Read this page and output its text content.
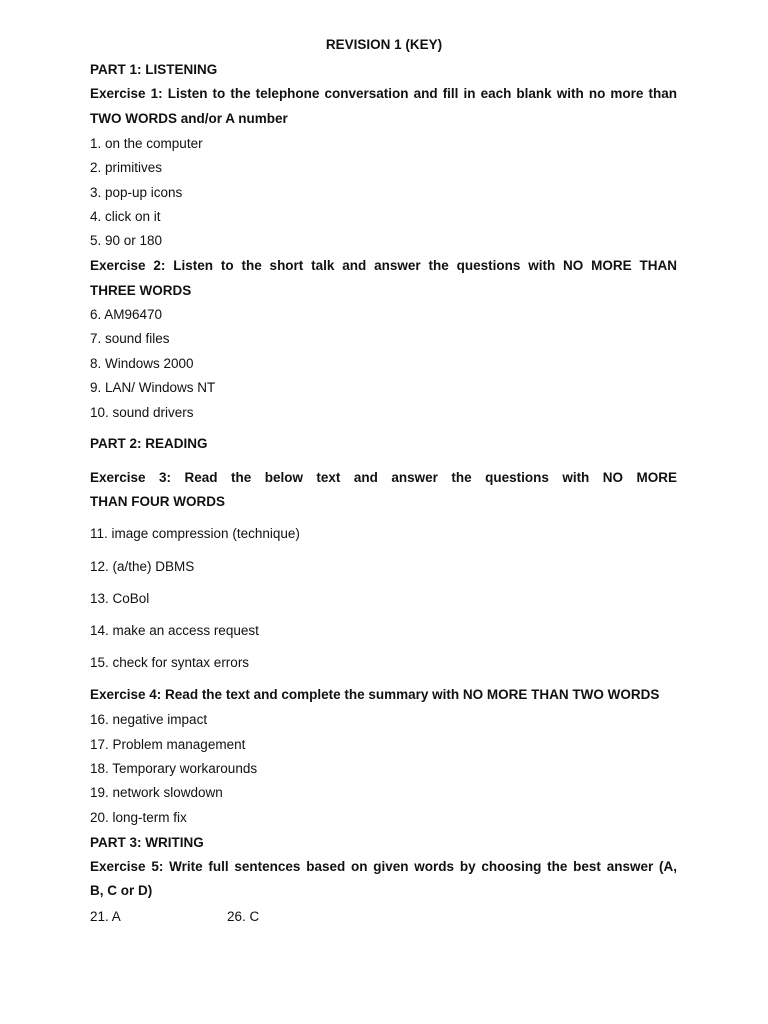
REVISION 1 (KEY)
PART 1: LISTENING
Exercise 1: Listen to the telephone conversation and fill in each blank with no more than
TWO WORDS and/or A number
1. on the computer
2. primitives
3. pop-up icons
4. click on it
5. 90 or 180
Exercise 2: Listen to the short talk and answer the questions with NO MORE THAN
THREE WORDS
6. AM96470
7. sound files
8. Windows 2000
9. LAN/ Windows NT
10. sound drivers
PART 2: READING
Exercise 3: Read the below text and answer the questions with NO MORE
THAN FOUR WORDS
11. image compression (technique)
12. (a/the) DBMS
13. CoBol
14. make an access request
15. check for syntax errors
Exercise 4: Read the text and complete the summary with NO MORE THAN TWO WORDS
16. negative impact
17. Problem management
18. Temporary workarounds
19. network slowdown
20. long-term fix
PART 3: WRITING
Exercise 5: Write full sentences based on given words by choosing the best answer (A,
B, C or D)
21. A	26. C
